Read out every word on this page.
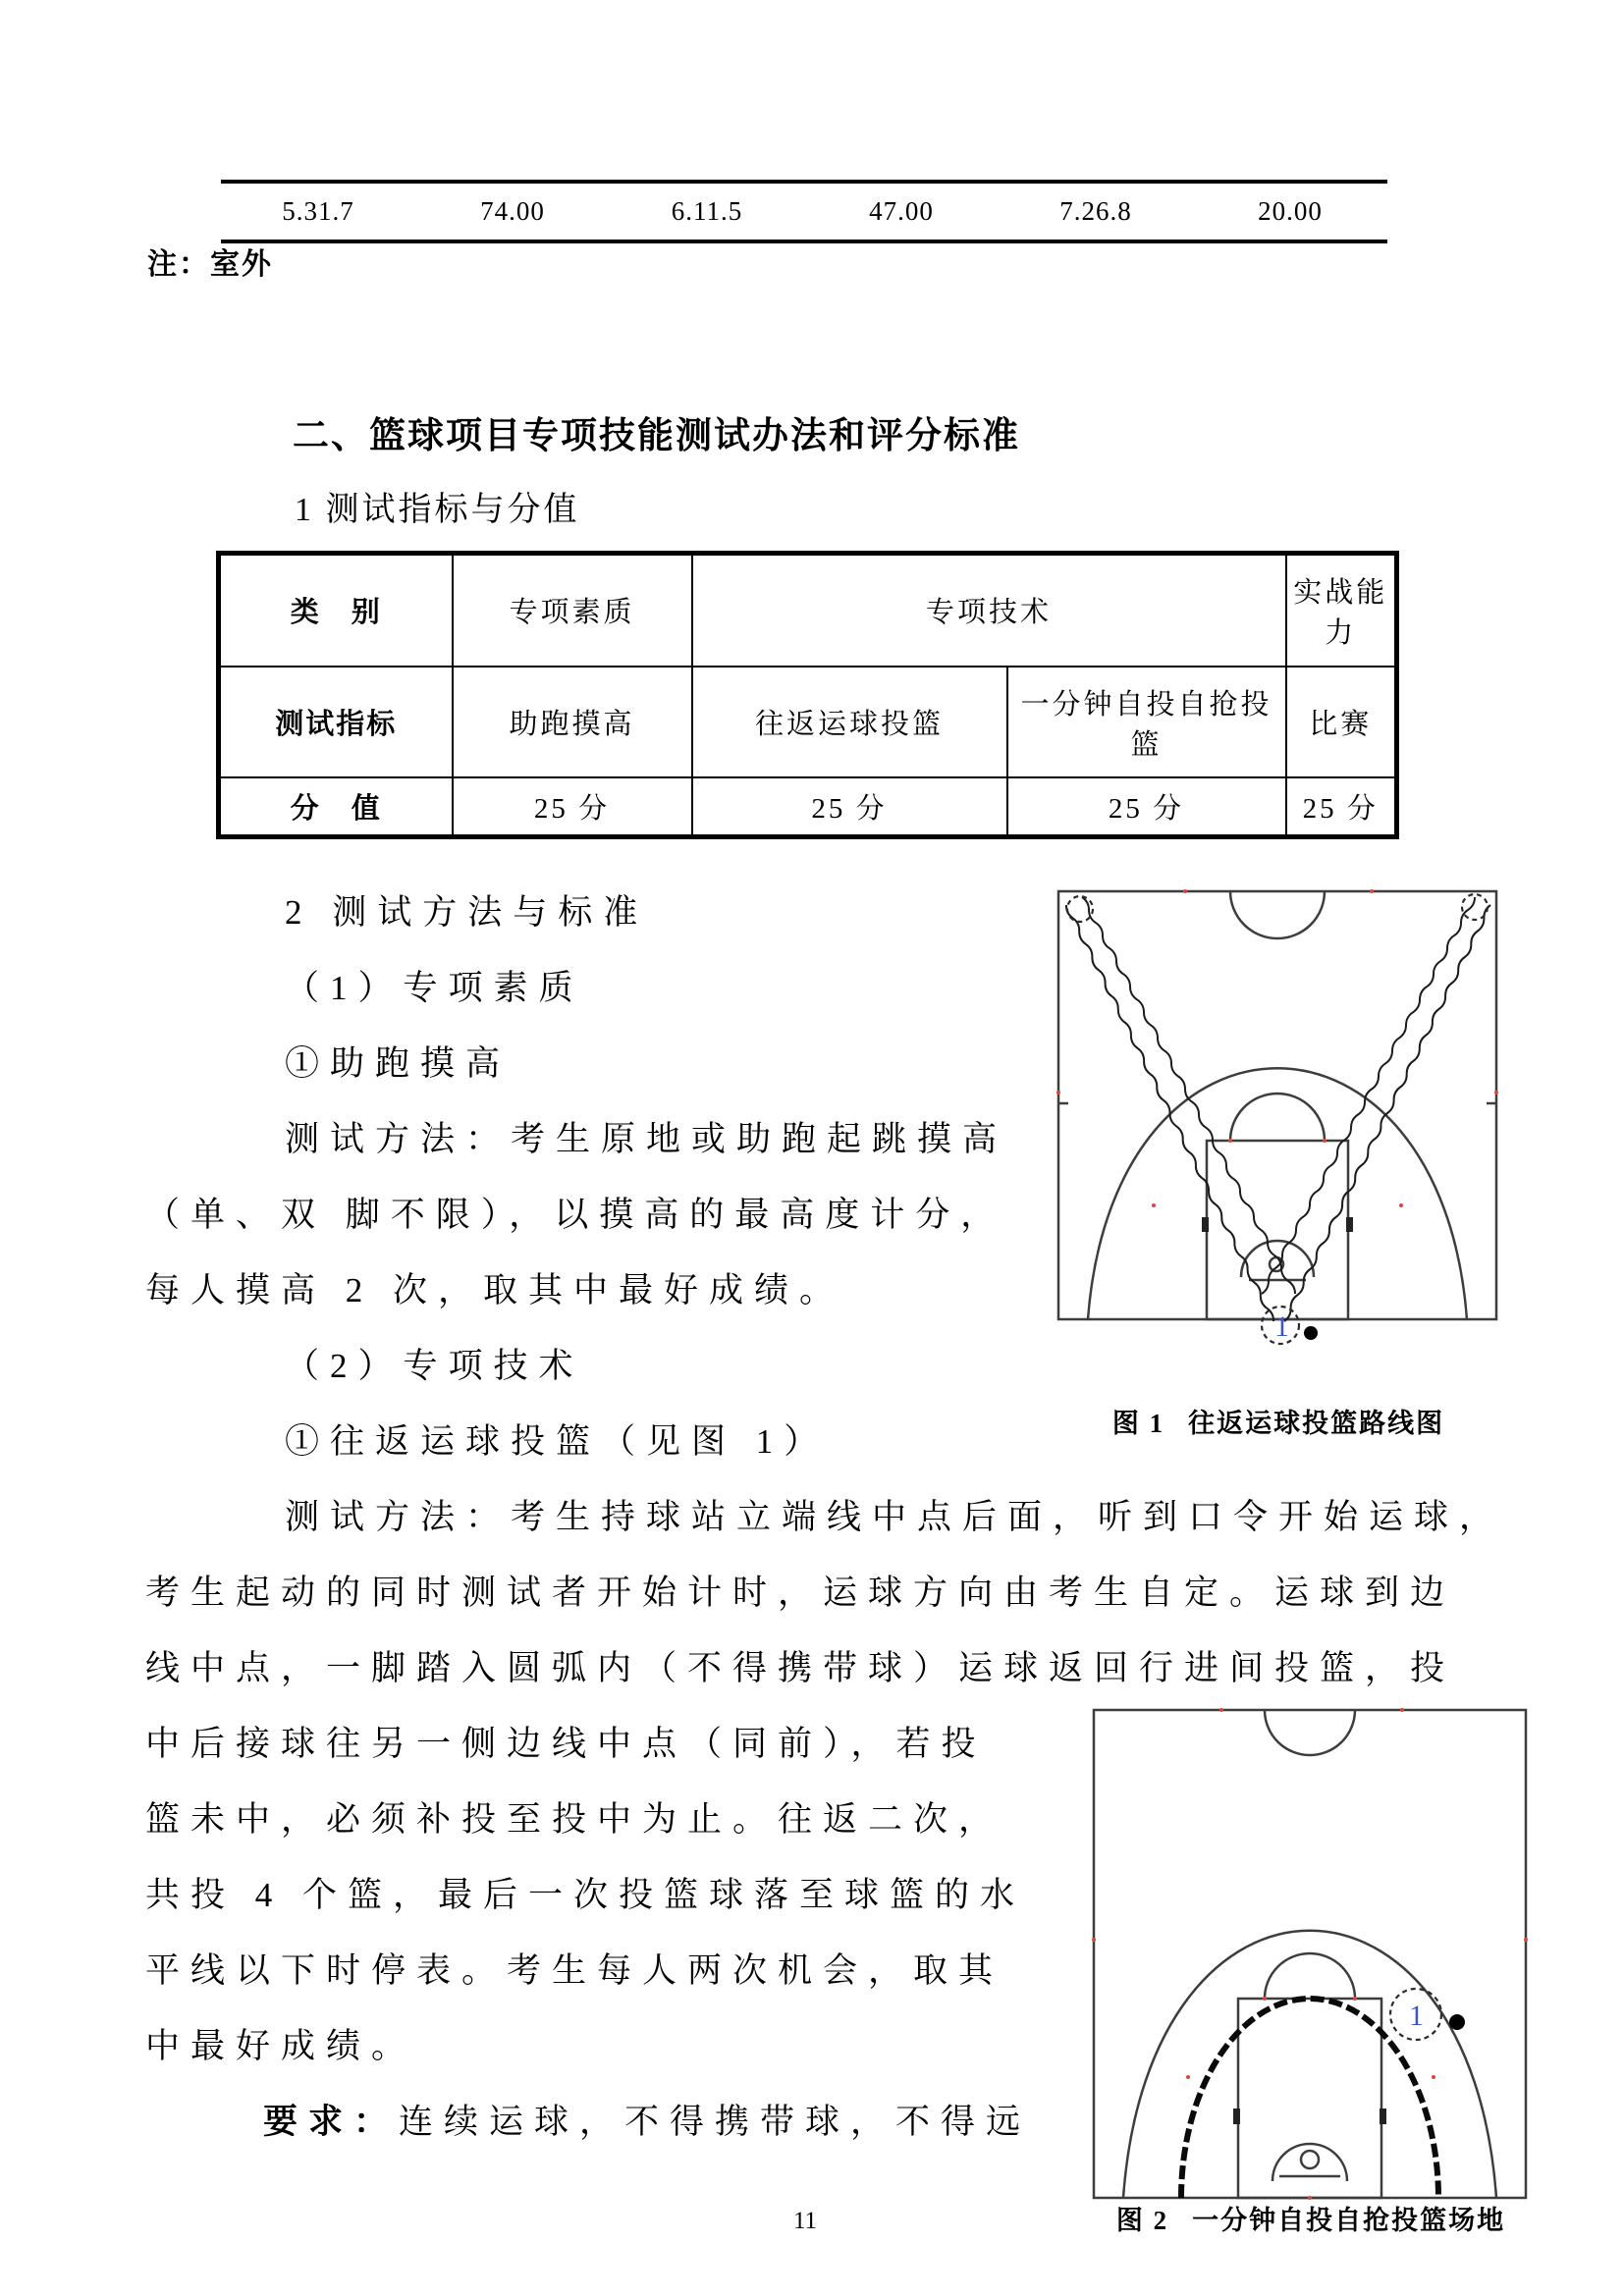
5.31.7	74.00	6.11.5	47.00	7.26.8	20.00
注：室外
二、篮球项目专项技能测试办法和评分标准
1 测试指标与分值
类　别	专项素质	专项技术		实战能力
测试指标	助跑摸高	往返运球投篮	一分钟自投自抢投篮	比赛
分　值	25 分	25 分	25 分	25 分
2 测试方法与标准
（1）专项素质
①助跑摸高
测试方法：考生原地或助跑起跳摸高
（单、双 脚不限），以摸高的最高度计分，
每人摸高 2 次，取其中最好成绩。
（2）专项技术
①往返运球投篮（见图 1）
测试方法：考生持球站立端线中点后面，听到口令开始运球，
考生起动的同时测试者开始计时，运球方向由考生自定。运球到边
线中点，一脚踏入圆弧内（不得携带球）运球返回行进间投篮，投
中后接球往另一侧边线中点（同前），若投
篮未中，必须补投至投中为止。往返二次，
共投 4 个篮，最后一次投篮球落至球篮的水
平线以下时停表。考生每人两次机会，取其
中最好成绩。
要求：连续运球，不得携带球，不得远
1
图 1 往返运球投篮路线图
1
图 2 一分钟自投自抢投篮场地
11
